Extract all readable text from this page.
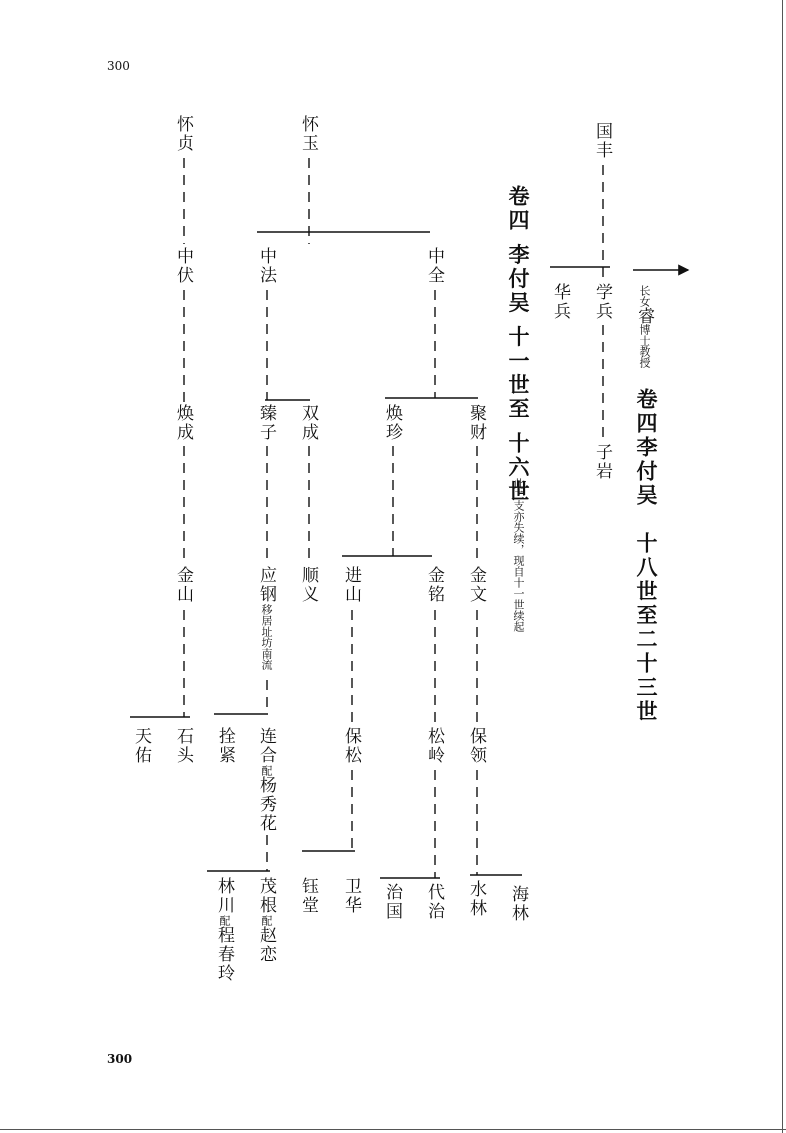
300
300
卷四 李付吴 十一世至 十六世
此二支亦失续，现自十一世续起
长女睿博士教授
卷四李付吴　十八世至二十三世
国丰
华兵 学兵
子岩
怀贞	怀玉
中伏	中法	中全
焕成	臻子 双成	焕珍	聚财
金山	应钢移居址坊南流
顺义 进山	金铭 金文
天佑 石头 拴紧 连合配杨秀花
保松	松岭 保领
林川配程春玲
茂根配赵恋
钰堂 卫华 治国 代治 水林 海林
